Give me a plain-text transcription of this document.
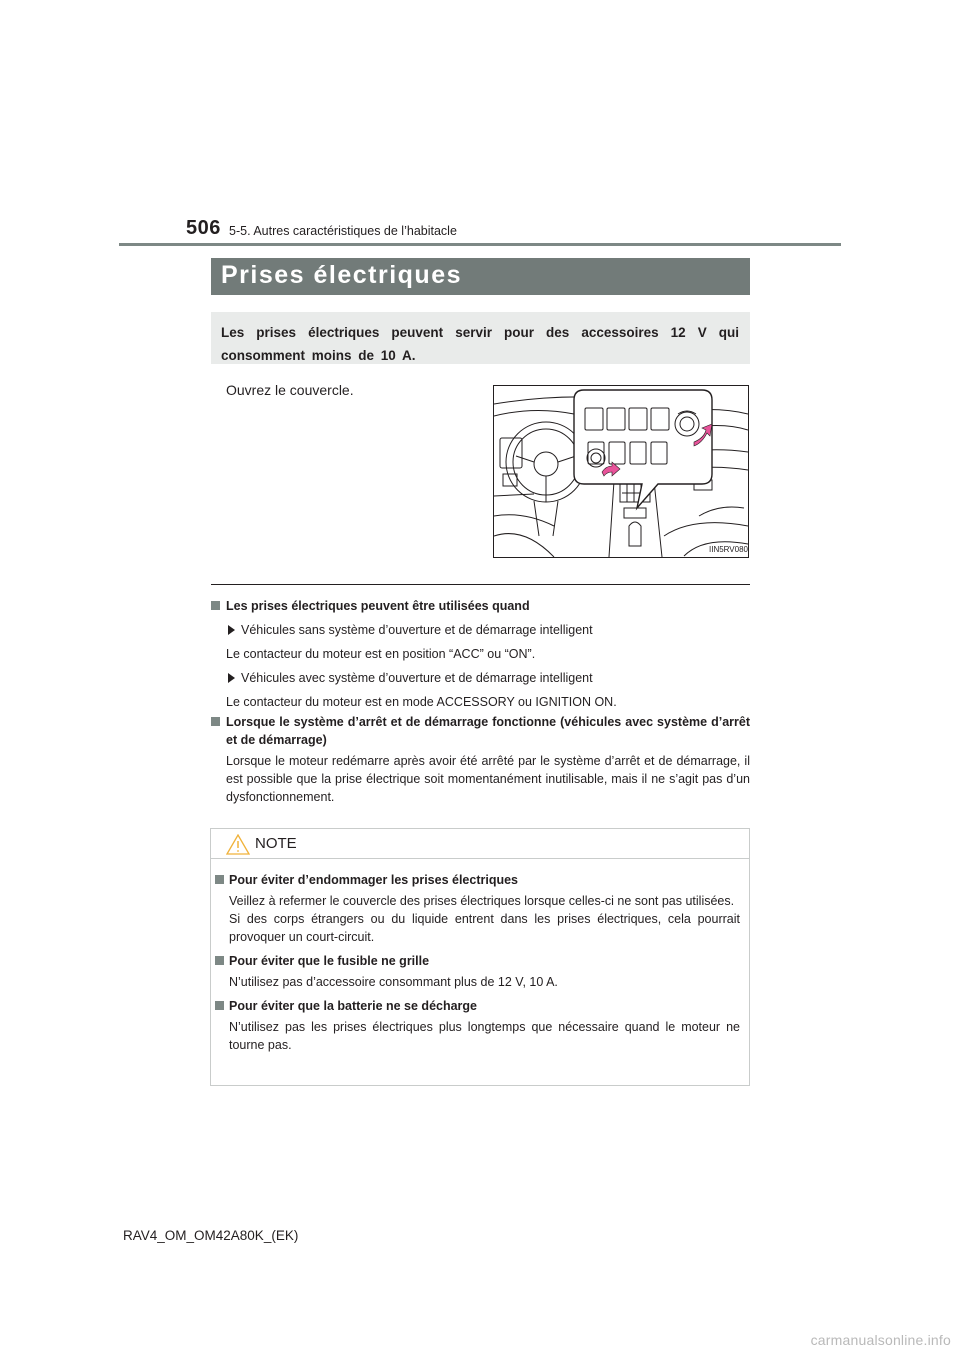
506 5-5. Autres caractéristiques de l’habitacle
Prises électriques
Les prises électriques peuvent servir pour des accessoires 12 V qui consomment moins de 10 A.
Ouvrez le couvercle.
IIN5RV080
Les prises électriques peuvent être utilisées quand
Véhicules sans système d’ouverture et de démarrage intelligent
Le contacteur du moteur est en position “ACC” ou “ON”.
Véhicules avec système d’ouverture et de démarrage intelligent
Le contacteur du moteur est en mode ACCESSORY ou IGNITION ON.
Lorsque le système d’arrêt et de démarrage fonctionne (véhicules avec système d’arrêt et de démarrage)
Lorsque le moteur redémarre après avoir été arrêté par le système d’arrêt et de démarrage, il est possible que la prise électrique soit momentanément inutilisable, mais il ne s’agit pas d’un dysfonctionnement.
NOTE
Pour éviter d’endommager les prises électriques
Veillez à refermer le couvercle des prises électriques lorsque celles-ci ne sont pas utilisées.
Si des corps étrangers ou du liquide entrent dans les prises électriques, cela pourrait provoquer un court-circuit.
Pour éviter que le fusible ne grille
N’utilisez pas d’accessoire consommant plus de 12 V, 10 A.
Pour éviter que la batterie ne se décharge
N’utilisez pas les prises électriques plus longtemps que nécessaire quand le moteur ne tourne pas.
RAV4_OM_OM42A80K_(EK)
carmanualsonline.info
